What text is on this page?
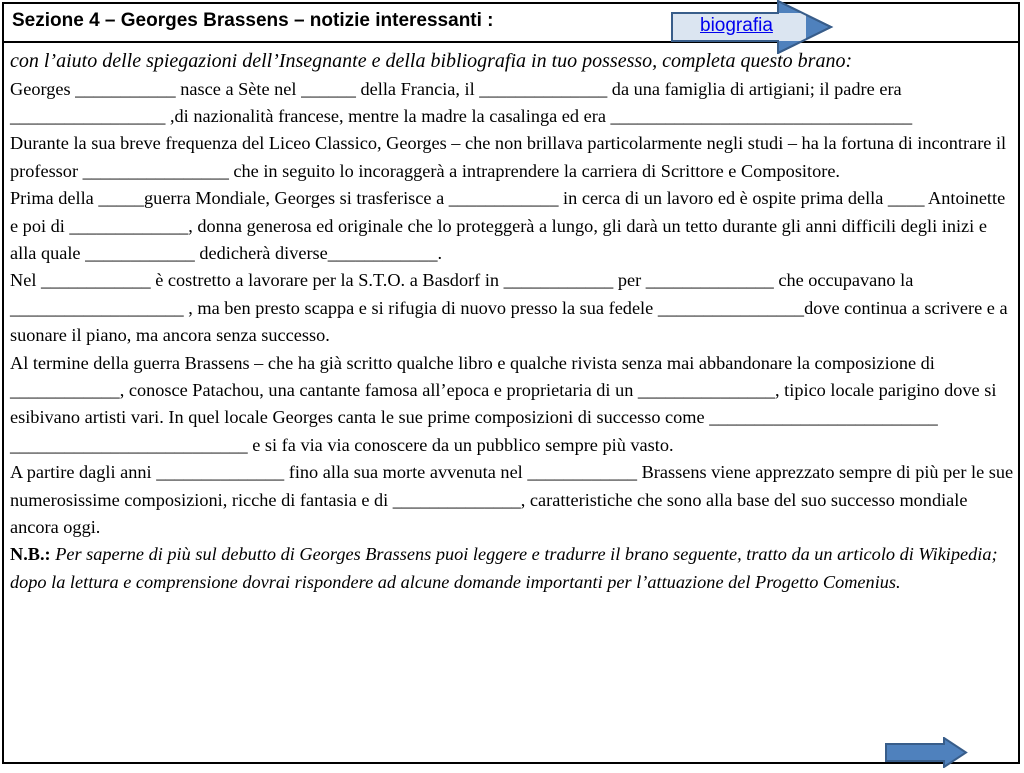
Sezione 4 – Georges Brassens – notizie interessanti :	biografia

con l’aiuto delle spiegazioni dell’Insegnante e della bibliografia in tuo possesso, completa questo brano:

Georges ___________ nasce a Sète nel ______ della Francia, il ______________ da una famiglia di artigiani; il padre era _________________ ,di nazionalità francese, mentre la madre la casalinga ed era _________________________________

Durante la sua breve frequenza del Liceo Classico, Georges – che non brillava particolarmente negli studi – ha la fortuna di incontrare il professor ________________ che in seguito lo incoraggerà a intraprendere la carriera di Scrittore e Compositore.

Prima della _____guerra Mondiale, Georges si trasferisce a ____________ in cerca di un lavoro ed è ospite prima della ____ Antoinette e poi di _____________, donna generosa ed originale che lo proteggerà a lungo, gli darà un tetto durante gli anni difficili degli inizi e alla quale ____________ dedicherà diverse____________.

Nel ____________ è costretto a lavorare per la S.T.O. a Basdorf in ____________ per ______________ che occupavano la ___________________ , ma ben presto scappa e si rifugia di nuovo presso la sua fedele ________________dove continua a scrivere e a suonare il piano, ma ancora senza successo.

Al termine della guerra Brassens – che ha già scritto qualche libro e qualche rivista senza mai abbandonare la composizione di ____________, conosce Patachou, una cantante famosa all’epoca e proprietaria di un _______________, tipico locale parigino dove si esibivano artisti vari. In quel locale Georges canta le sue prime composizioni di successo come _________________________ __________________________ e si fa via via conoscere da un pubblico sempre più vasto.

A partire dagli anni ______________ fino alla sua morte avvenuta nel ____________ Brassens viene apprezzato sempre di più per le sue numerosissime composizioni, ricche di fantasia e di ______________, caratteristiche che sono alla base del suo successo mondiale ancora oggi.

N.B.: Per saperne di più sul debutto di Georges Brassens puoi leggere e tradurre il brano seguente, tratto da un articolo di Wikipedia; dopo la lettura e comprensione dovrai rispondere ad alcune domande importanti per l’attuazione del Progetto Comenius.
